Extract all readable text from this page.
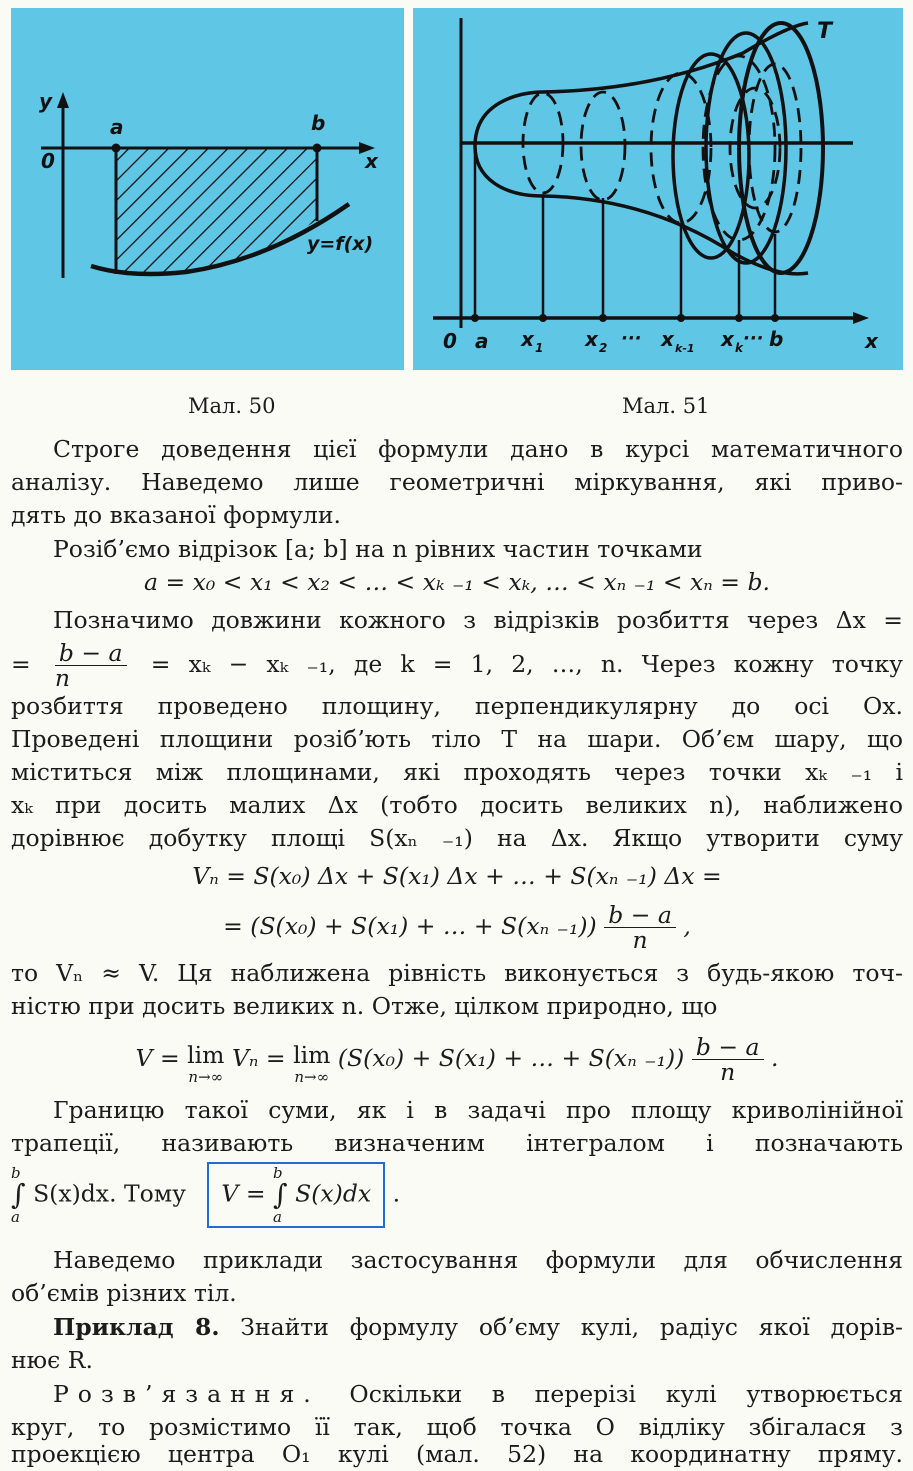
y
0
a	b
x
y=f(x)
T
0 a x 1 x 2 ··· x k-1 x k ··· b	x
Мал. 50	Мал. 51

Строге доведення цієї формули дано в курсі математичного

аналізу. Наведемо лише геометричні міркування, які приво-

дять до вказаної формули.

Розіб’ємо відрізок [a; b] на n рівних частин точками

a = x₀ < x₁ < x₂ < … < xₖ ₋₁ < xₖ, … < xₙ ₋₁ < xₙ = b.

Позначимо довжини кожного з відрізків розбиття через Δx =

= $\frac{b - a}{n} = x_k - x_k$ ₋₁, де k = 1, 2, …, n. Через кожну точку

розбиття проведено площину, перпендикулярну до осі Ox.

Проведені площини розіб’ють тіло T на шари. Об’єм шару, що

міститься між площинами, які проходять через точки xₖ ₋₁ і

xₖ при досить малих Δx (тобто досить великих n), наближено

дорівнює добутку площі S(xₙ ₋₁) на Δx. Якщо утворити суму

Vₙ = S(x₀) Δx + S(x₁) Δx + … + S(xₙ ₋₁) Δx =

= (S(x₀) + S(x₁) + … + S(xₙ $_{-1})) \frac{b - a}{n}$ ,

то Vₙ ≈ V. Ця наближена рівність виконується з будь-якою точ-

ністю при досить великих n. Отже, цілком природно, що

V = lim
n→∞
Vₙ = lim
n→∞
(S(x₀) + S(x₁) + … + S(xₙ $_{-1})) \frac{b - a}{n}$ .

Границю такої суми, як і в задачі про площу криволінійної

трапеції, називають визначеним інтегралом і позначають

b
∫
a S(x)dx. Тому V = b
∫
a S(x)dx .

Наведемо приклади застосування формули для обчислення

об’ємів різних тіл.

Приклад 8. Знайти формулу об’єму кулі, радіус якої дорів-

нює R.

Розв’язання. Оскільки в перерізі кулі утворюється

круг, то розмістимо її так, щоб точка O відліку збігалася з

проекцією центра O₁ кулі (мал. 52) на координатну пряму.
